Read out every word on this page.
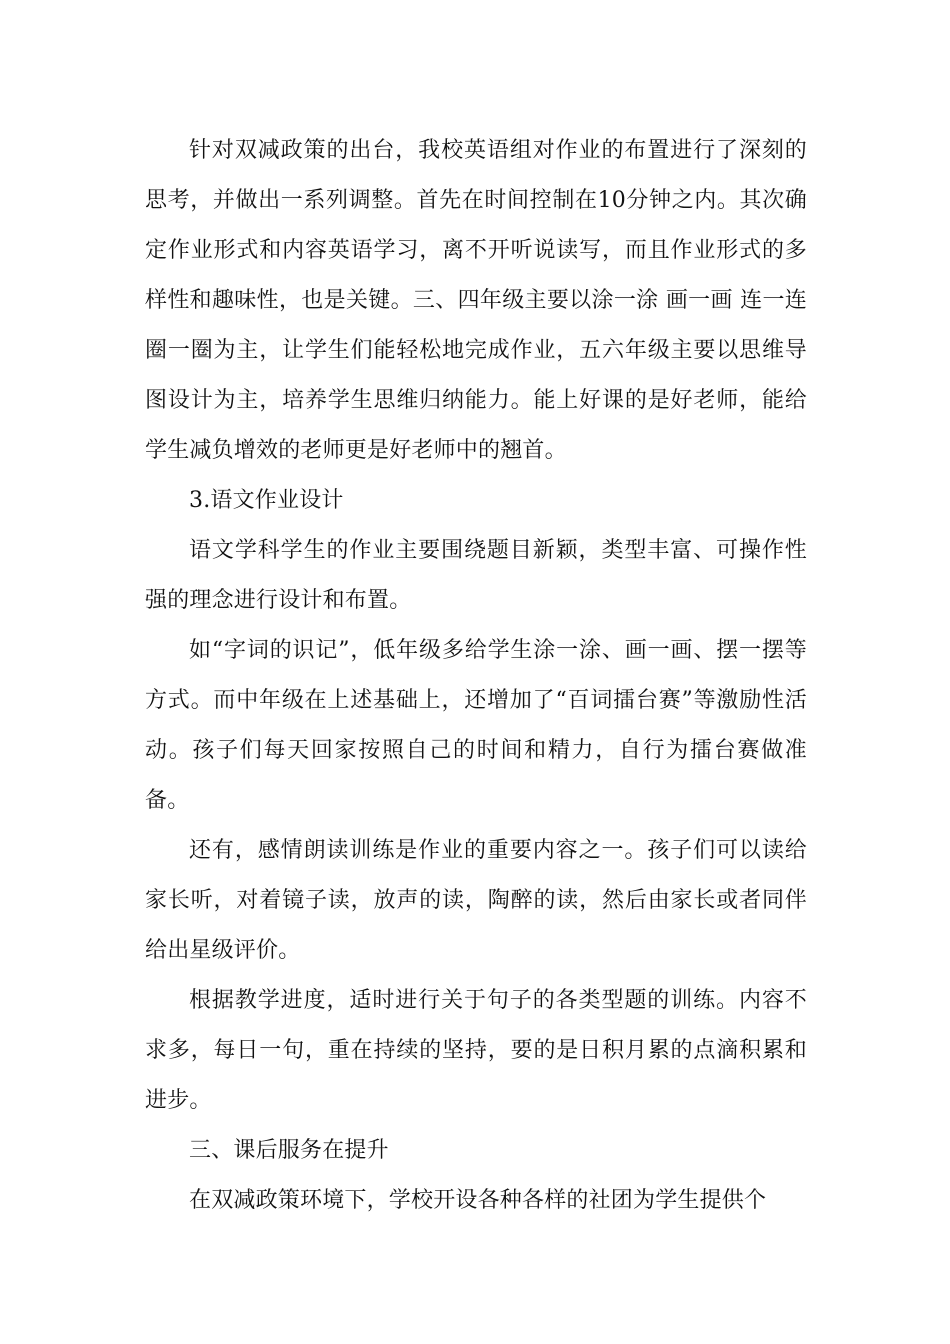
针对双减政策的出台，我校英语组对作业的布置进行了深刻的思考，并做出一系列调整。首先在时间控制在10分钟之内。其次确定作业形式和内容英语学习，离不开听说读写，而且作业形式的多样性和趣味性，也是关键。三、四年级主要以涂一涂 画一画 连一连 圈一圈为主，让学生们能轻松地完成作业，五六年级主要以思维导图设计为主，培养学生思维归纳能力。能上好课的是好老师，能给学生减负增效的老师更是好老师中的翘首。

3.语文作业设计

语文学科学生的作业主要围绕题目新颖，类型丰富、可操作性强的理念进行设计和布置。

如“字词的识记”，低年级多给学生涂一涂、画一画、摆一摆等方式。而中年级在上述基础上，还增加了“百词擂台赛”等激励性活动。孩子们每天回家按照自己的时间和精力，自行为擂台赛做准备。

还有，感情朗读训练是作业的重要内容之一。孩子们可以读给家长听，对着镜子读，放声的读，陶醉的读，然后由家长或者同伴给出星级评价。

根据教学进度，适时进行关于句子的各类型题的训练。内容不求多，每日一句，重在持续的坚持，要的是日积月累的点滴积累和进步。

三、课后服务在提升

在双减政策环境下，学校开设各种各样的社团为学生提供个
